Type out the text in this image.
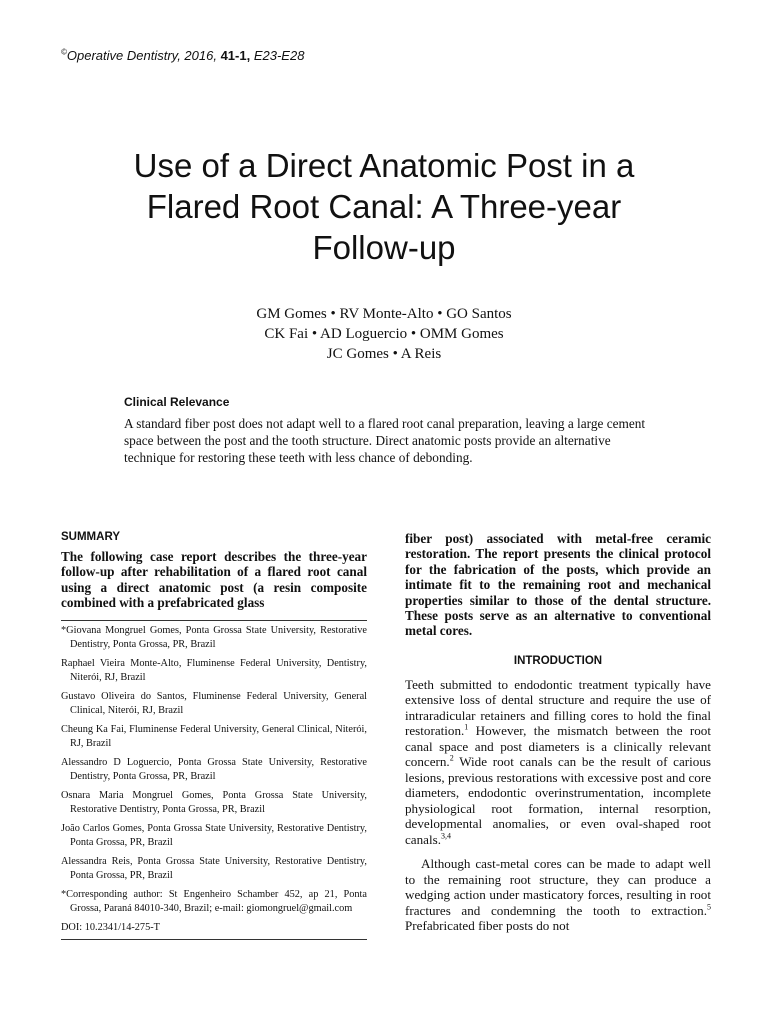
©Operative Dentistry, 2016, 41-1, E23-E28
Use of a Direct Anatomic Post in a
Flared Root Canal: A Three-year
Follow-up
GM Gomes • RV Monte-Alto • GO Santos
CK Fai • AD Loguercio • OMM Gomes
JC Gomes • A Reis
Clinical Relevance

A standard fiber post does not adapt well to a flared root canal preparation, leaving a large cement space between the post and the tooth structure. Direct anatomic posts provide an alternative technique for restoring these teeth with less chance of debonding.

SUMMARY

The following case report describes the three-year follow-up after rehabilitation of a flared root canal using a direct anatomic post (a resin composite combined with a prefabricated glass

*Giovana Mongruel Gomes, Ponta Grossa State University, Restorative Dentistry, Ponta Grossa, PR, Brazil

Raphael Vieira Monte-Alto, Fluminense Federal University, Dentistry, Niterói, RJ, Brazil

Gustavo Oliveira do Santos, Fluminense Federal University, General Clinical, Niterói, RJ, Brazil

Cheung Ka Fai, Fluminense Federal University, General Clinical, Niterói, RJ, Brazil

Alessandro D Loguercio, Ponta Grossa State University, Restorative Dentistry, Ponta Grossa, PR, Brazil

Osnara Maria Mongruel Gomes, Ponta Grossa State University, Restorative Dentistry, Ponta Grossa, PR, Brazil

João Carlos Gomes, Ponta Grossa State University, Restorative Dentistry, Ponta Grossa, PR, Brazil

Alessandra Reis, Ponta Grossa State University, Restorative Dentistry, Ponta Grossa, PR, Brazil

*Corresponding author: St Engenheiro Schamber 452, ap 21, Ponta Grossa, Paraná 84010-340, Brazil; e-mail: giomongruel@gmail.com

DOI: 10.2341/14-275-T

fiber post) associated with metal-free ceramic restoration. The report presents the clinical protocol for the fabrication of the posts, which provide an intimate fit to the remaining root and mechanical properties similar to those of the dental structure. These posts serve as an alternative to conventional metal cores.

INTRODUCTION

Teeth submitted to endodontic treatment typically have extensive loss of dental structure and require the use of intraradicular retainers and filling cores to hold the final restoration.$^1$ However, the mismatch between the root canal space and post diameters is a clinically relevant concern.$^2$ Wide root canals can be the result of carious lesions, previous restorations with excessive post and core diameters, endodontic overinstrumentation, incomplete physiological root formation, internal resorption, developmental anomalies, or even oval-shaped root canals.$^{3,4}$

Although cast-metal cores can be made to adapt well to the remaining root structure, they can produce a wedging action under masticatory forces, resulting in root fractures and condemning the tooth to extraction.$^5$ Prefabricated fiber posts do not
